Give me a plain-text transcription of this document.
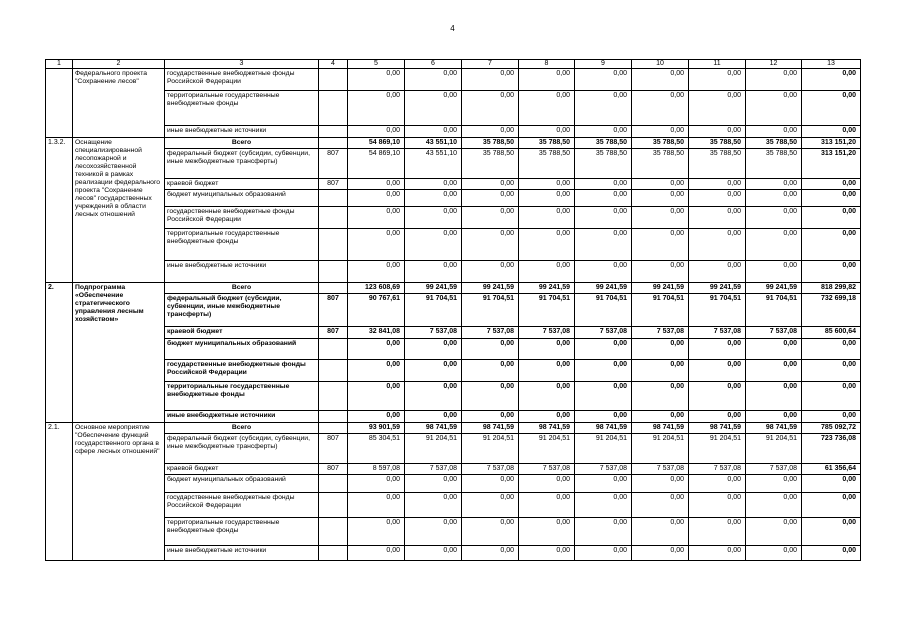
4
1	2	3	4	5	6	7	8	9	10	11	12	13
	Федерального проекта "Сохранение лесов"	государственные внебюджетные фонды Российской Федерации		0,00	0,00	0,00	0,00	0,00	0,00	0,00	0,00	0,00
		территориальные государственные внебюджетные фонды		0,00	0,00	0,00	0,00	0,00	0,00	0,00	0,00	0,00
		иные внебюджетные источники		0,00	0,00	0,00	0,00	0,00	0,00	0,00	0,00	0,00
1.3.2.	Оснащение специализированной лесопожарной и лесохозяйственной техникой в рамках реализации федерального проекта "Сохранение лесов" государственных учреждений в области лесных отношений	Всего		54 869,10	43 551,10	35 788,50	35 788,50	35 788,50	35 788,50	35 788,50	35 788,50	313 151,20
		федеральный бюджет (субсидии, субвенции, иные межбюджетные трансферты)	807	54 869,10	43 551,10	35 788,50	35 788,50	35 788,50	35 788,50	35 788,50	35 788,50	313 151,20
		краевой бюджет	807	0,00	0,00	0,00	0,00	0,00	0,00	0,00	0,00	0,00
		бюджет муниципальных образований		0,00	0,00	0,00	0,00	0,00	0,00	0,00	0,00	0,00
		государственные внебюджетные фонды Российской Федерации		0,00	0,00	0,00	0,00	0,00	0,00	0,00	0,00	0,00
		территориальные государственные внебюджетные фонды		0,00	0,00	0,00	0,00	0,00	0,00	0,00	0,00	0,00
		иные внебюджетные источники		0,00	0,00	0,00	0,00	0,00	0,00	0,00	0,00	0,00
2.	Подпрограмма «Обеспечение стратегического управления лесным хозяйством»	Всего		123 608,69	99 241,59	99 241,59	99 241,59	99 241,59	99 241,59	99 241,59	99 241,59	818 299,82
		федеральный бюджет (субсидии, субвенции, иные межбюджетные трансферты)	807	90 767,61	91 704,51	91 704,51	91 704,51	91 704,51	91 704,51	91 704,51	91 704,51	732 699,18
		краевой бюджет	807	32 841,08	7 537,08	7 537,08	7 537,08	7 537,08	7 537,08	7 537,08	7 537,08	85 600,64
		бюджет муниципальных образований		0,00	0,00	0,00	0,00	0,00	0,00	0,00	0,00	0,00
		государственные внебюджетные фонды Российской Федерации		0,00	0,00	0,00	0,00	0,00	0,00	0,00	0,00	0,00
		территориальные государственные внебюджетные фонды		0,00	0,00	0,00	0,00	0,00	0,00	0,00	0,00	0,00
		иные внебюджетные источники		0,00	0,00	0,00	0,00	0,00	0,00	0,00	0,00	0,00
2.1.	Основное мероприятие "Обеспечение функций государственного органа в сфере лесных отношений"	Всего		93 901,59	98 741,59	98 741,59	98 741,59	98 741,59	98 741,59	98 741,59	98 741,59	785 092,72
		федеральный бюджет (субсидии, субвенции, иные межбюджетные трансферты)	807	85 304,51	91 204,51	91 204,51	91 204,51	91 204,51	91 204,51	91 204,51	91 204,51	723 736,08
		краевой бюджет	807	8 597,08	7 537,08	7 537,08	7 537,08	7 537,08	7 537,08	7 537,08	7 537,08	61 356,64
		бюджет муниципальных образований		0,00	0,00	0,00	0,00	0,00	0,00	0,00	0,00	0,00
		государственные внебюджетные фонды Российской Федерации		0,00	0,00	0,00	0,00	0,00	0,00	0,00	0,00	0,00
		территориальные государственные внебюджетные фонды		0,00	0,00	0,00	0,00	0,00	0,00	0,00	0,00	0,00
		иные внебюджетные источники		0,00	0,00	0,00	0,00	0,00	0,00	0,00	0,00	0,00
